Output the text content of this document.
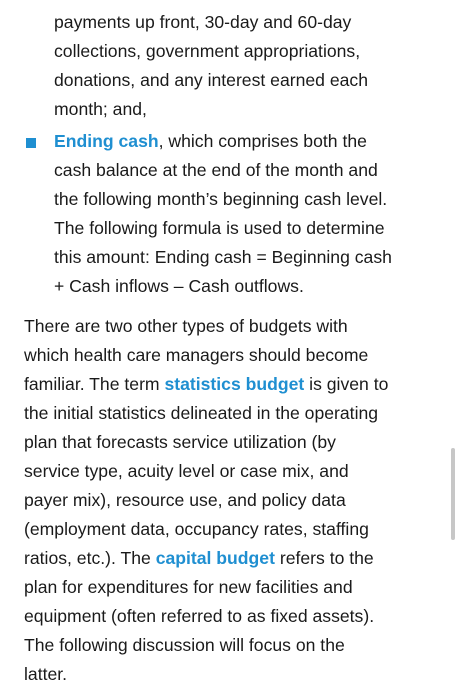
payments up front, 30-day and 60-day
collections, government appropriations,
donations, and any interest earned each
month; and,
Ending cash, which comprises both the
cash balance at the end of the month and
the following month’s beginning cash level.
The following formula is used to determine
this amount: Ending cash = Beginning cash
+ Cash inflows – Cash outflows.
There are two other types of budgets with
which health care managers should become
familiar. The term statistics budget is given to
the initial statistics delineated in the operating
plan that forecasts service utilization (by
service type, acuity level or case mix, and
payer mix), resource use, and policy data
(employment data, occupancy rates, staffing
ratios, etc.). The capital budget refers to the
plan for expenditures for new facilities and
equipment (often referred to as fixed assets).
The following discussion will focus on the
latter.
